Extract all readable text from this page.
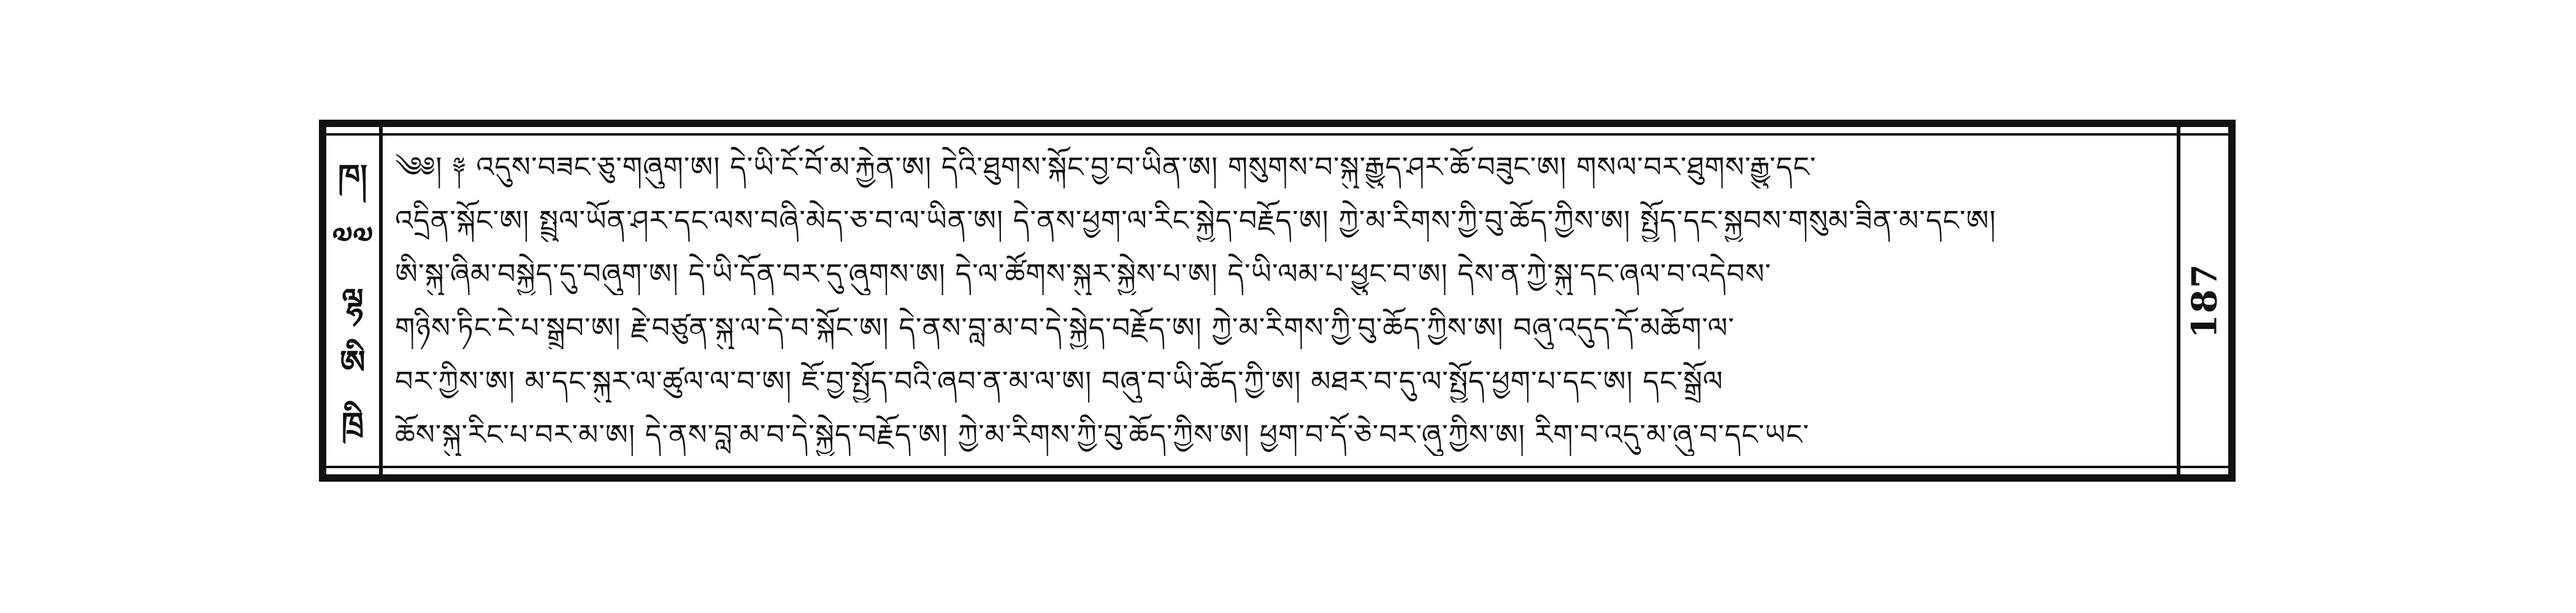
ཁ།
༧༧
ལྷ
ཨི
ཁྲི
༄༅། ༈ འདུས་བཟང་ཅུ་གཞུག་ཨ། དེ་ཡི་ངོ་བོ་མ་རྐྱེན་ཨ། དེའི་ཐུགས་སྐོང་བྱ་བ་ཡིན་ཨ། གསུགས་བ་སྐུ་རྒྱུད་ཤར་ཆོ་བཟུང་ཨ། གསལ་བར་ཐུགས་རྒྱུ་དང་
འདྲིན་སྐོང་ཨ། སྤྲུལ་ཡོན་ཤར་དང་ལས་བཞི་མེད་ཅ་བ་ལ་ཡིན་ཨ། དེ་ནས་ཕྱག་ལ་རིང་སྐྱེད་བརྗོད་ཨ། ཀྱེ་མ་རིགས་ཀྱི་བུ་ཆོད་ཀྱིས་ཨ། སྤྱོད་དང་སྐྱབས་གསུམ་ཟིན་མ་དང་ཨ།
ཨི་སྐུ་ཞིམ་བསྐྱེད་དུ་བཞུག་ཨ། དེ་ཡི་དོན་བར་དུ་ཞུགས་ཨ། དེ་ལ་ཚོགས་སྐུར་སྐྱེས་པ་ཨ། དེ་ཡི་ལམ་པ་ཕྱུང་བ་ཨ། དེས་ན་ཀྱེ་སྐུ་དང་ཞལ་བ་འདེབས་
གཉིས་ཏིང་ངེ་པ་སྒྲུབ་ཨ། རྗེ་བཙུན་སྐུ་ལ་དེ་བ་སྐོང་ཨ། དེ་ནས་བླ་མ་བ་དེ་སྐྱེད་བརྗོད་ཨ། ཀྱེ་མ་རིགས་ཀྱི་བུ་ཆོད་ཀྱིས་ཨ། བཞུ་འདུད་དོ་མཆོག་ལ་
བར་ཀྱིས་ཨ། མ་དང་སྐུར་ལ་ཚུལ་ལ་བ་ཨ། ཇོ་བྱ་སྤྱོད་བའི་ཞབ་ན་མ་ལ་ཨ། བཞུ་བ་ཡི་ཆོད་ཀྱི་ཨ། མཐར་བ་དུ་ལ་སྤྱོད་ཕྱག་པ་དང་ཨ། དང་སྒྲོལ
ཆོས་སྐུ་རིང་པ་བར་མ་ཨ། དེ་ནས་བླ་མ་བ་དེ་སྐྱེད་བརྗོད་ཨ། ཀྱེ་མ་རིགས་ཀྱི་བུ་ཆོད་ཀྱིས་ཨ། ཕྱག་བ་དོ་ཅེ་བར་ཞུ་ཀྱིས་ཨ། རིག་བ་འདུ་མ་ཞུ་བ་དང་ཡང་
187
